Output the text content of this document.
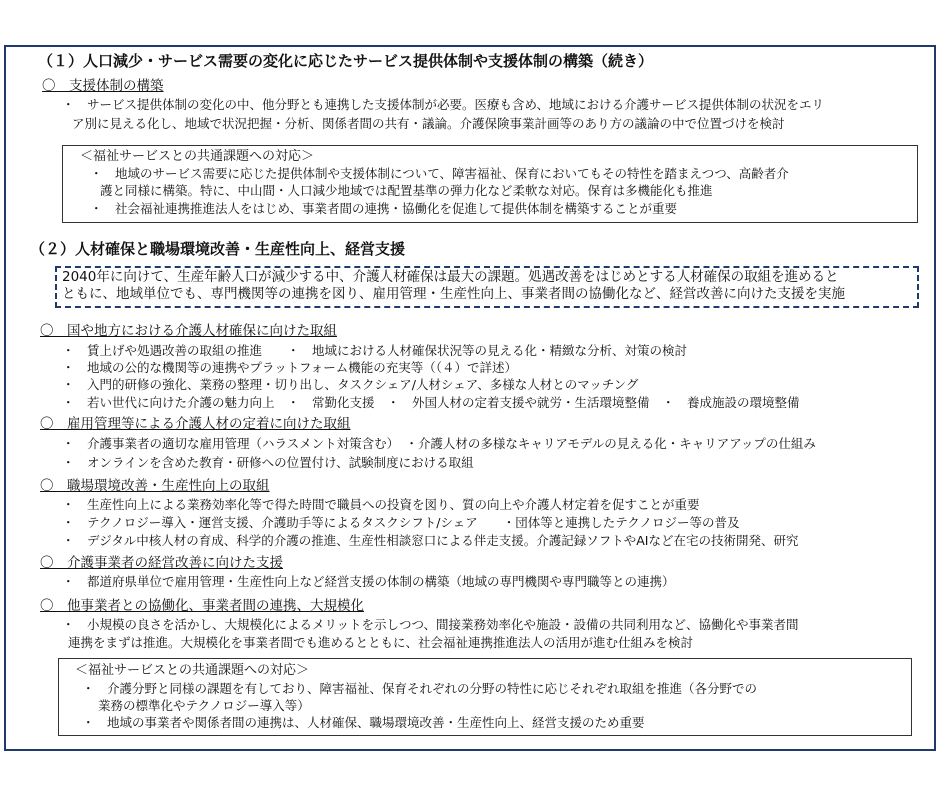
（１）人口減少・サービス需要の変化に応じたサービス提供体制や支援体制の構築（続き）
〇　支援体制の構築
・　サービス提供体制の変化の中、他分野とも連携した支援体制が必要。医療も含め、地域における介護サービス提供体制の状況をエリ
ア別に見える化し、地域で状況把握・分析、関係者間の共有・議論。介護保険事業計画等のあり方の議論の中で位置づけを検討
＜福祉サービスとの共通課題への対応＞
・　地域のサービス需要に応じた提供体制や支援体制について、障害福祉、保育においてもその特性を踏まえつつ、高齢者介
護と同様に構築。特に、中山間・人口減少地域では配置基準の弾力化など柔軟な対応。保育は多機能化も推進
・　社会福祉連携推進法人をはじめ、事業者間の連携・協働化を促進して提供体制を構築することが重要
（２）人材確保と職場環境改善・生産性向上、経営支援
2040年に向けて、生産年齢人口が減少する中、介護人材確保は最大の課題。処遇改善をはじめとする人材確保の取組を進めると
ともに、地域単位でも、専門機関等の連携を図り、雇用管理・生産性向上、事業者間の協働化など、経営改善に向けた支援を実施
〇　国や地方における介護人材確保に向けた取組
・　賃上げや処遇改善の取組の推進　　・　地域における人材確保状況等の見える化・精緻な分析、対策の検討
・　地域の公的な機関等の連携やプラットフォーム機能の充実等（（４）で詳述）
・　入門的研修の強化、業務の整理・切り出し、タスクシェア/人材シェア、多様な人材とのマッチング
・　若い世代に向けた介護の魅力向上　・　常勤化支援　・　外国人材の定着支援や就労・生活環境整備　・　養成施設の環境整備
〇　雇用管理等による介護人材の定着に向けた取組
・　介護事業者の適切な雇用管理（ハラスメント対策含む）　・介護人材の多様なキャリアモデルの見える化・キャリアアップの仕組み
・　オンラインを含めた教育・研修への位置付け、試験制度における取組
〇　職場環境改善・生産性向上の取組
・　生産性向上による業務効率化等で得た時間で職員への投資を図り、質の向上や介護人材定着を促すことが重要
・　テクノロジー導入・運営支援、介護助手等によるタスクシフト/シェア　　・団体等と連携したテクノロジー等の普及
・　デジタル中核人材の育成、科学的介護の推進、生産性相談窓口による伴走支援。介護記録ソフトやAIなど在宅の技術開発、研究
〇　介護事業者の経営改善に向けた支援
・　都道府県単位で雇用管理・生産性向上など経営支援の体制の構築（地域の専門機関や専門職等との連携）
〇　他事業者との協働化、事業者間の連携、大規模化
・　小規模の良さを活かし、大規模化によるメリットを示しつつ、間接業務効率化や施設・設備の共同利用など、協働化や事業者間
連携をまずは推進。大規模化を事業者間でも進めるとともに、社会福祉連携推進法人の活用が進む仕組みを検討
＜福祉サービスとの共通課題への対応＞
・　介護分野と同様の課題を有しており、障害福祉、保育それぞれの分野の特性に応じそれぞれ取組を推進（各分野での
業務の標準化やテクノロジー導入等）
・　地域の事業者や関係者間の連携は、人材確保、職場環境改善・生産性向上、経営支援のため重要
